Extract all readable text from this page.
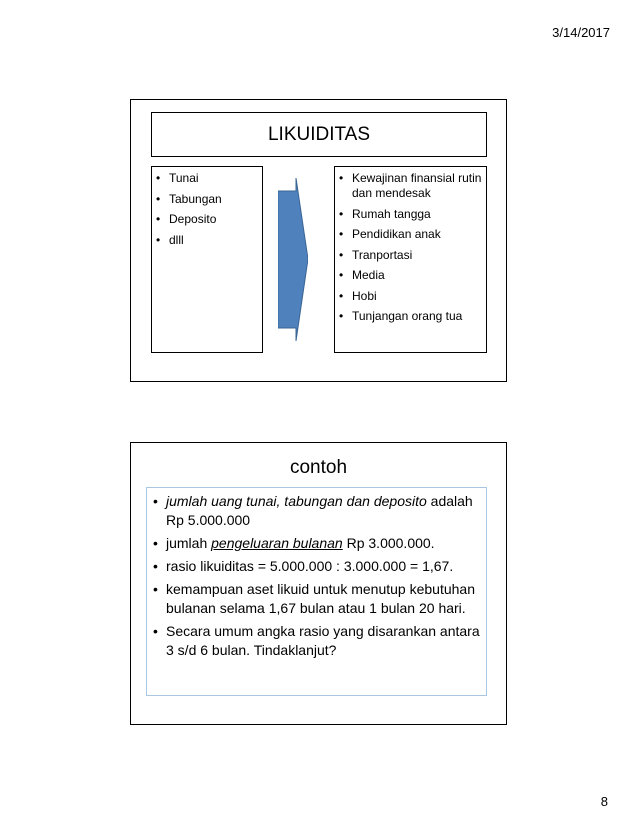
3/14/2017
LIKUIDITAS
• Tunai
• Tabungan
• Deposito
• dlll
• Kewajinan finansial rutin dan mendesak
• Rumah tangga
• Pendidikan anak
• Tranportasi
• Media
• Hobi
• Tunjangan orang tua
contoh
• jumlah uang tunai, tabungan dan deposito adalah Rp 5.000.000
• jumlah pengeluaran bulanan Rp 3.000.000.
• rasio likuiditas = 5.000.000 : 3.000.000 = 1,67.
• kemampuan aset likuid untuk menutup kebutuhan bulanan selama 1,67 bulan atau 1 bulan 20 hari.
• Secara umum angka rasio yang disarankan antara 3 s/d 6 bulan. Tindaklanjut?
8
